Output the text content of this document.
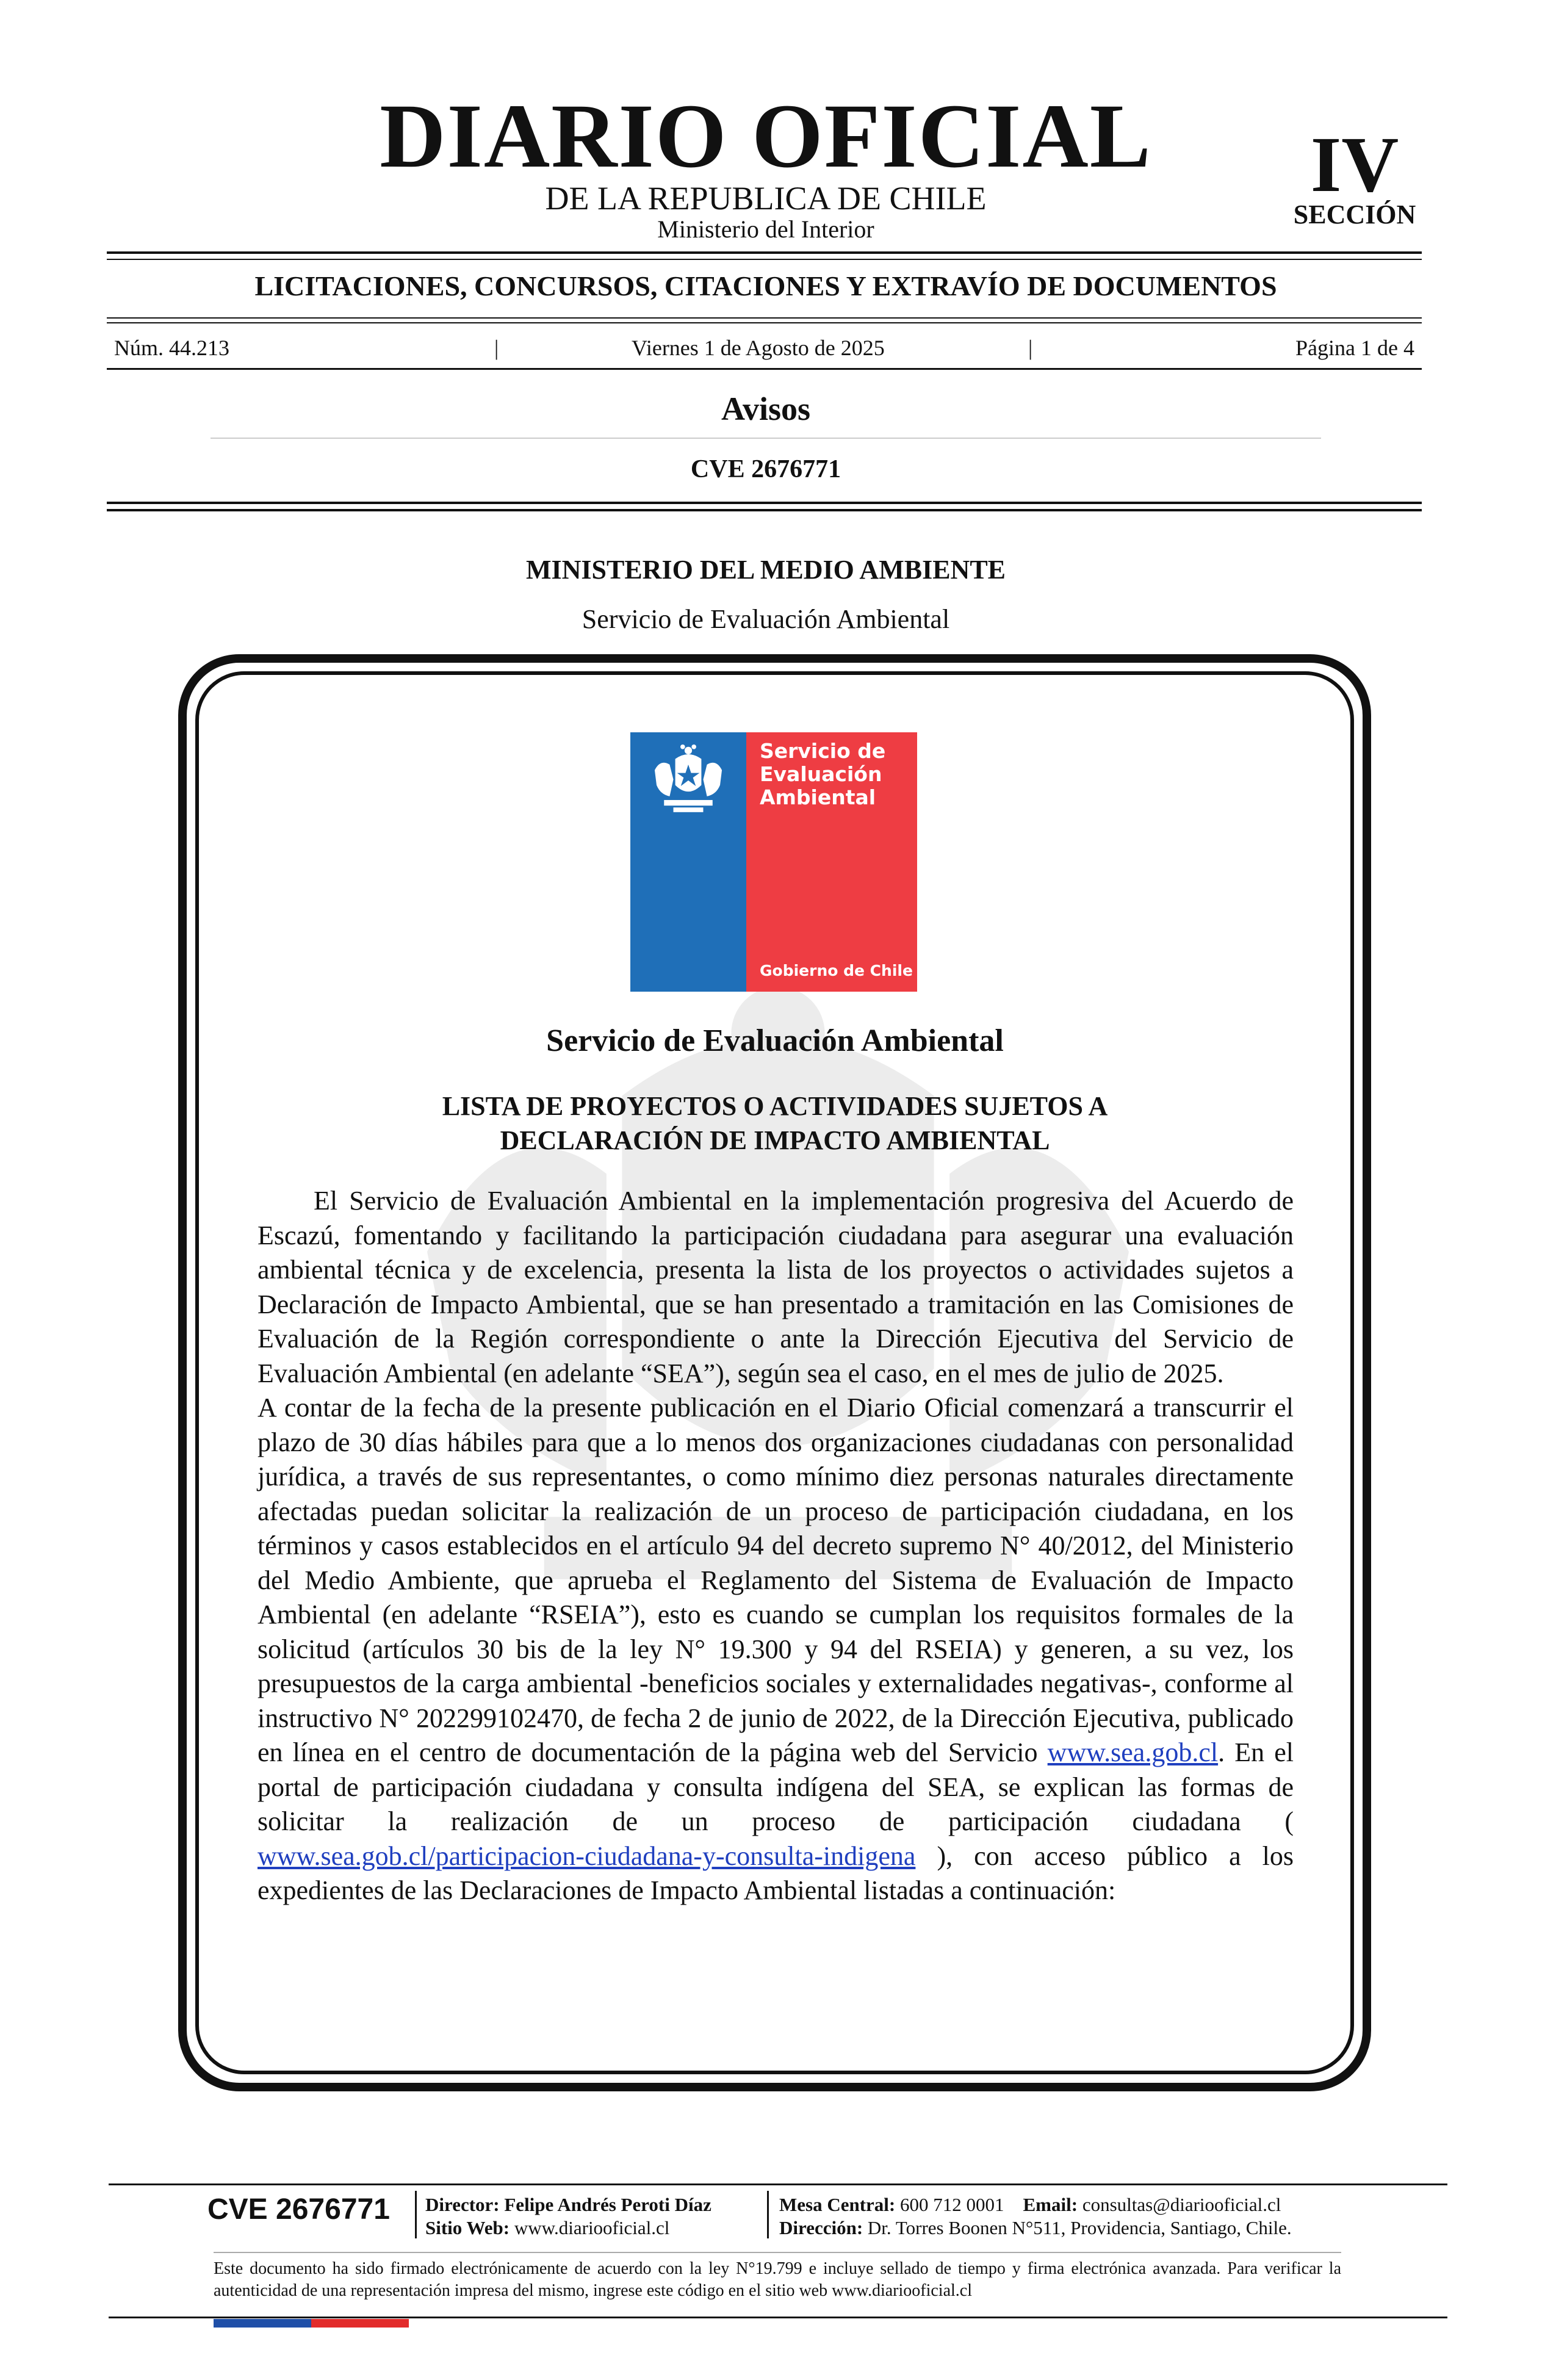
DIARIO OFICIAL
DE LA REPUBLICA DE CHILE
Ministerio del Interior
IV
SECCIÓN
LICITACIONES, CONCURSOS, CITACIONES Y EXTRAVÍO DE DOCUMENTOS
Núm. 44.213	|	Viernes 1 de Agosto de 2025	|	Página 1 de 4
Avisos
CVE 2676771
MINISTERIO DEL MEDIO AMBIENTE
Servicio de Evaluación Ambiental
Servicio de
Evaluación
Ambiental
Gobierno de Chile
Servicio de Evaluación Ambiental
LISTA DE PROYECTOS O ACTIVIDADES SUJETOS A
DECLARACIÓN DE IMPACTO AMBIENTAL

El Servicio de Evaluación Ambiental en la implementación progresiva del Acuerdo de Escazú, fomentando y facilitando la participación ciudadana para asegurar una evaluación ambiental técnica y de excelencia, presenta la lista de los proyectos o actividades sujetos a Declaración de Impacto Ambiental, que se han presentado a tramitación en las Comisiones de Evaluación de la Región correspondiente o ante la Dirección Ejecutiva del Servicio de Evaluación Ambiental (en adelante “SEA”), según sea el caso, en el mes de julio de 2025.

A contar de la fecha de la presente publicación en el Diario Oficial comenzará a transcurrir el plazo de 30 días hábiles para que a lo menos dos organizaciones ciudadanas con personalidad jurídica, a través de sus representantes, o como mínimo diez personas naturales directamente afectadas puedan solicitar la realización de un proceso de participación ciudadana, en los términos y casos establecidos en el artículo 94 del decreto supremo N° 40/2012, del Ministerio del Medio Ambiente, que aprueba el Reglamento del Sistema de Evaluación de Impacto Ambiental (en adelante “RSEIA”), esto es cuando se cumplan los requisitos formales de la solicitud (artículos 30 bis de la ley N° 19.300 y 94 del RSEIA) y generen, a su vez, los presupuestos de la carga ambiental -beneficios sociales y externalidades negativas-, conforme al instructivo N° 202299102470, de fecha 2 de junio de 2022, de la Dirección Ejecutiva, publicado en línea en el centro de documentación de la página web del Servicio www.sea.gob.cl. En el portal de participación ciudadana y consulta indígena del SEA, se explican las formas de solicitar la realización de un proceso de participación ciudadana ( www.sea.gob.cl/participacion-ciudadana-y-consulta-indigena ), con acceso público a los expedientes de las Declaraciones de Impacto Ambiental listadas a continuación:

CVE 2676771 Director: Felipe Andrés Peroti Díaz
Sitio Web: www.diariooficial.cl
Mesa Central: 600 712 0001 Email: consultas@diariooficial.cl
Dirección: Dr. Torres Boonen N°511, Providencia, Santiago, Chile.
Este documento ha sido firmado electrónicamente de acuerdo con la ley N°19.799 e incluye sellado de tiempo y firma electrónica avanzada. Para verificar la autenticidad de una representación impresa del mismo, ingrese este código en el sitio web www.diariooficial.cl
